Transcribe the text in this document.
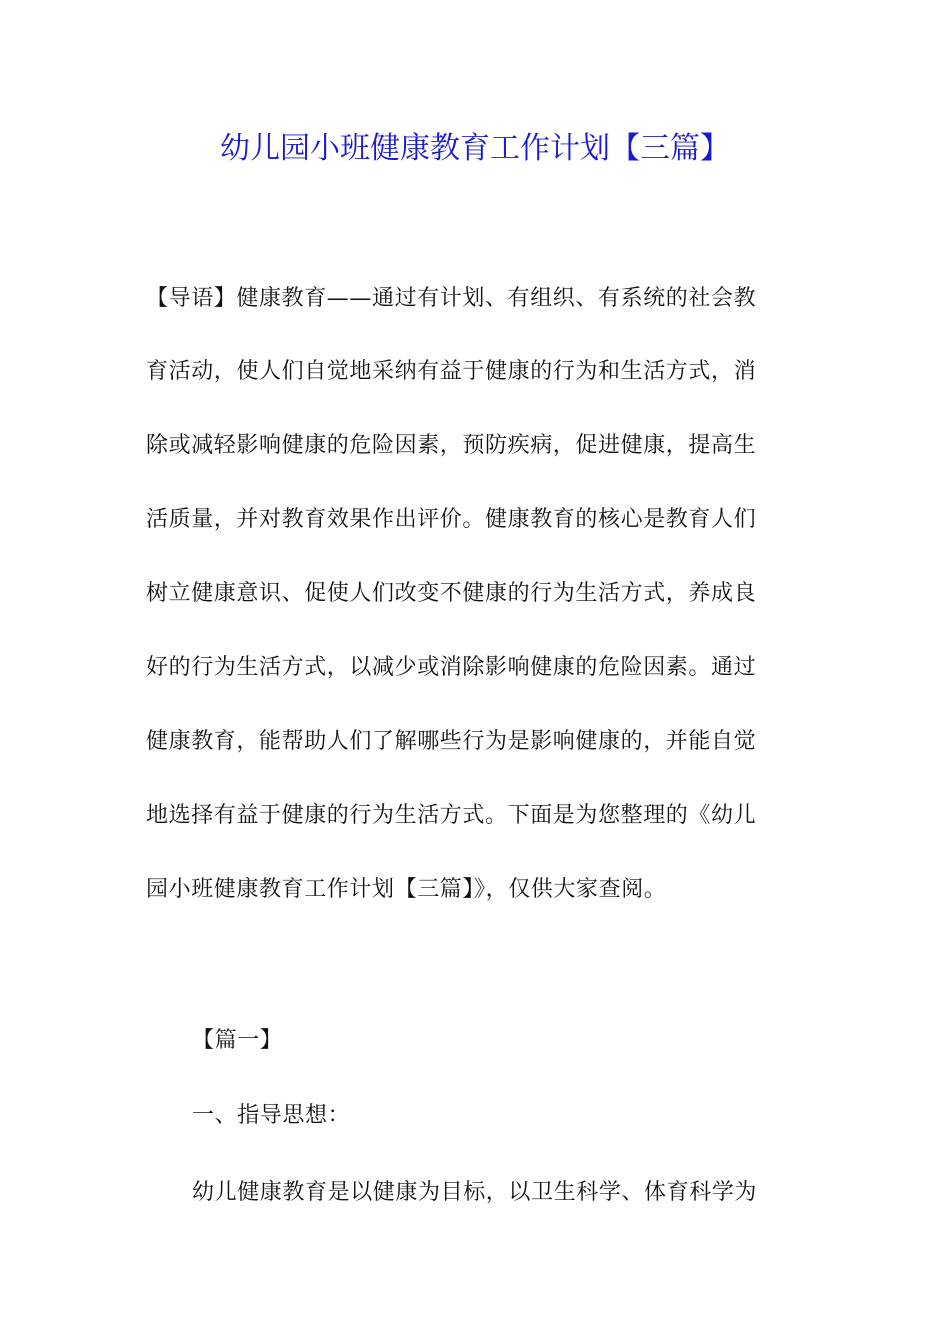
幼儿园小班健康教育工作计划【三篇】
【导语】健康教育——通过有计划、有组织、有系统的社会教
育活动，使人们自觉地采纳有益于健康的行为和生活方式，消
除或减轻影响健康的危险因素，预防疾病，促进健康，提高生
活质量，并对教育效果作出评价。健康教育的核心是教育人们
树立健康意识、促使人们改变不健康的行为生活方式，养成良
好的行为生活方式，以减少或消除影响健康的危险因素。通过
健康教育，能帮助人们了解哪些行为是影响健康的，并能自觉
地选择有益于健康的行为生活方式。下面是为您整理的《幼儿
园小班健康教育工作计划【三篇】》，仅供大家查阅。
【篇一】
一、指导思想：
幼儿健康教育是以健康为目标，以卫生科学、体育科学为
